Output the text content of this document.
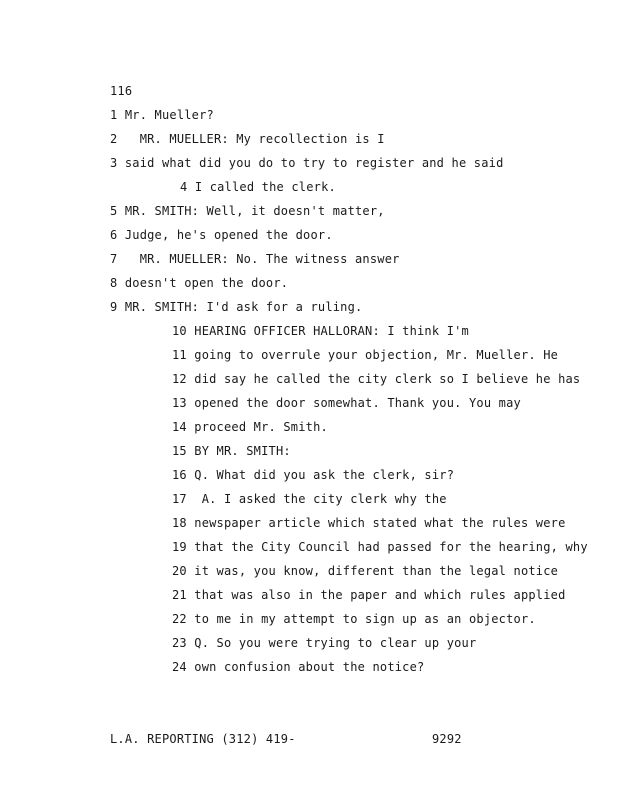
116
1 Mr. Mueller?
2   MR. MUELLER: My recollection is I
3 said what did you do to try to register and he said
4 I called the clerk.
5 MR. SMITH: Well, it doesn't matter,
6 Judge, he's opened the door.
7   MR. MUELLER: No. The witness answer
8 doesn't open the door.
9 MR. SMITH: I'd ask for a ruling.
10 HEARING OFFICER HALLORAN: I think I'm
11 going to overrule your objection, Mr. Mueller. He
12 did say he called the city clerk so I believe he has
13 opened the door somewhat. Thank you. You may
14 proceed Mr. Smith.
15 BY MR. SMITH:
16 Q. What did you ask the clerk, sir?
17  A. I asked the city clerk why the
18 newspaper article which stated what the rules were
19 that the City Council had passed for the hearing, why
20 it was, you know, different than the legal notice
21 that was also in the paper and which rules applied
22 to me in my attempt to sign up as an objector.
23 Q. So you were trying to clear up your
24 own confusion about the notice?
L.A. REPORTING (312) 419-	9292
